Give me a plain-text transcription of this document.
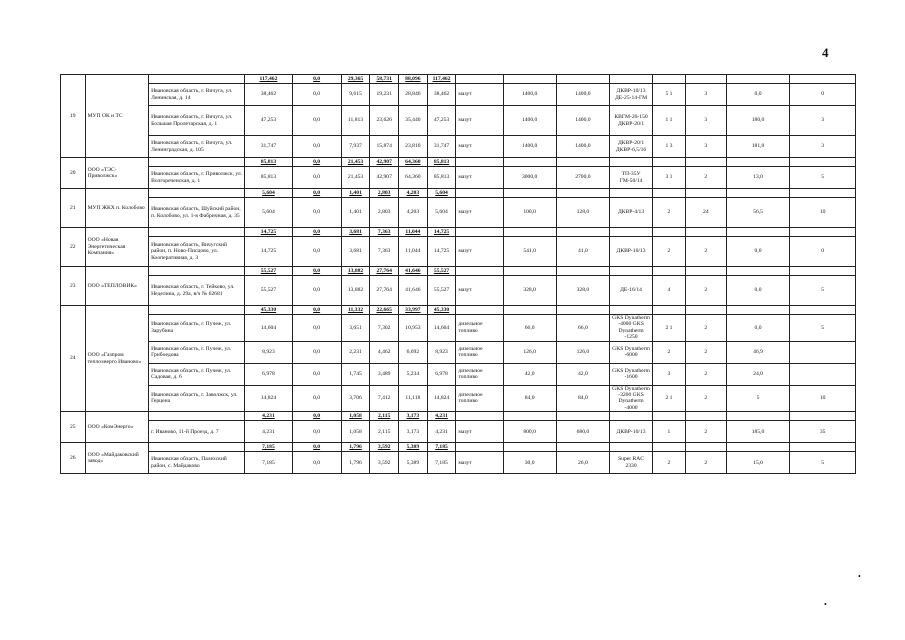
4
19	МУП ОК и ТС		117,462	0,0	29,365	58,731	88,096	117,462								
		Ивановская область, г. Вичуга, ул. Ленинская, д. 14	38,462	0,0	9,615	19,231	28,846	38,462	мазут	1400,0	1400,0	ДКВР-10/13 ДЕ-25-14-ГМ	5 1	3	0,0	0
		Ивановская область, г. Вичуга, ул. Большая Пролетарская, д. 1	47,253	0,0	11,813	23,626	35,440	47,253	мазут	1400,0	1400,0	КВГМ-20-150 ДКВР-20/1	1 1	3	180,0	3
		Ивановская область, г. Вичуга, ул. Ленинградская, д. 105	31,747	0,0	7,937	15,874	23,810	31,747	мазут	1400,0	1400,0	ДКВР-20/1 ДКВР-6,5/16	1 3	3	181,0	3
20	ООО «ТЭС-Приволжск»		85,813	0,0	21,453	42,907	64,360	85,813								
		Ивановская область, г. Приволжск, ул. Волгореченская, д. 1	85,813	0,0	21,453	42,907	64,360	85,813	мазут	3000,0	2700,0	ТП-35У ГМ-50/14	3 1	2	13,0	5
21	МУП ЖКХ п. Колобово		5,604	0,0	1,401	2,803	4,203	5,604								
		Ивановская область, Шуйский район, п. Колобово, ул. 1-я Фабричная, д. 35	5,604	0,0	1,401	2,803	4,203	5,604	мазут	100,0	128,0	ДКВР-4/13	2	24	56,5	10
22	ООО «Новая Энергетическая Компания»		14,725	0,0	3,681	7,363	11,044	14,725								
		Ивановская область, Вичугский район, п. Ново-Писцово, ул. Кооперативная, д. 3	14,725	0,0	3,681	7,363	11,044	14,725	мазут	541,0	41,0	ДКВР-10/13	2	2	0,0	0
23	ООО «ТЕПЛОВИК»		55,527	0,0	13,882	27,764	41,646	55,527								
		Ивановская область, г. Тейково, ул. Неделина, д. 29а, в/ч № 62681	55,527	0,0	13,882	27,764	41,646	55,527	мазут	328,0	328,0	ДЕ-16/14	4	2	0,0	5
24	ООО «Газпром теплоэнерго Иваново»		45,330	0,0	11,332	22,665	33,997	45,330								
		Ивановская область, г. Пучеж, ул. Зарубина	14,604	0,0	3,651	7,302	10,953	14,604	дизельное топливо	66,0	66,0	GKS Dynatherm -4000 GKS Dynatherm -1250	2 1	2	0,0	5
		Ивановская область, г. Пучеж, ул. Грибоедова	8,923	0,0	2,231	4,462	6,692	8,923	дизельное топливо	126,0	126,0	GKS Dynatherm -6000	2	2	46,9	
		Ивановская область, г. Пучеж, ул. Садовая, д. 6	6,978	0,0	1,745	3,489	5,234	6,978	дизельное топливо	42,0	42,0	GKS Dynatherm -1600	3	2	24,0	
		Ивановская область, г. Заволжск, ул. Герцена	14,824	0,0	3,706	7,412	11,118	14,824	дизельное топливо	84,0	84,0	GKS Dynatherm -3200 GKS Dynatherm -4000	2 1	2	5	10
25	ООО «КомЭнерго»		4,231	0,0	1,058	2,115	3,173	4,231								
		г. Иваново, 11-й Проезд, д. 7	4,231	0,0	1,058	2,115	3,173	4,231	мазут	800,0	680,0	ДКВР-10/13	1	2	185,0	35
26	ООО «Майдаковский завод»		7,185	0,0	1,796	3,592	5,389	7,185								
		Ивановская область, Палехский район, с. Майдаково	7,185	0,0	1,796	3,592	5,389	7,185	мазут	30,0	26,0	Super RAC 2330	2	2	15,0	5
•
•
